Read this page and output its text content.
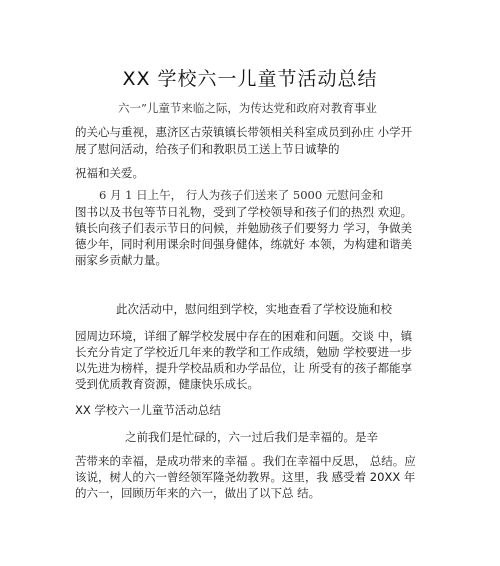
XX 学校六一儿童节活动总结
六一”儿童节来临之际，为传达党和政府对教育事业
的关心与重视，惠济区古荥镇镇长带领相关科室成员到孙庄 小学开
展了慰问活动，给孩子们和教职员工送上节日诚挚的
祝福和关爱。
6 月 1 日上午， 行人为孩子们送来了 5000 元慰问金和
图书以及书包等节日礼物，受到了学校领导和孩子们的热烈 欢迎。
镇长向孩子们表示节日的问候，并勉励孩子们要努力 学习，争做美
德少年，同时利用课余时间强身健体，练就好 本领，为构建和谐美
丽家乡贡献力量。
此次活动中，慰问组到学校，实地查看了学校设施和校
园周边环境，详细了解学校发展中存在的困难和问题。交谈 中，镇
长充分肯定了学校近几年来的教学和工作成绩，勉励 学校要进一步
以先进为榜样，提升学校品质和办学品位，让 所受有的孩子都能享
受到优质教育资源，健康快乐成长。
XX 学校六一儿童节活动总结
之前我们是忙碌的，六一过后我们是幸福的。是辛
苦带来的幸福，是成功带来的幸福 。我们在幸福中反思， 总结。应
该说，树人的六一曾经领军隆尧幼教界。这里，我 感受着 20XX 年
的六一，回顾历年来的六一，做出了以下总 结。
